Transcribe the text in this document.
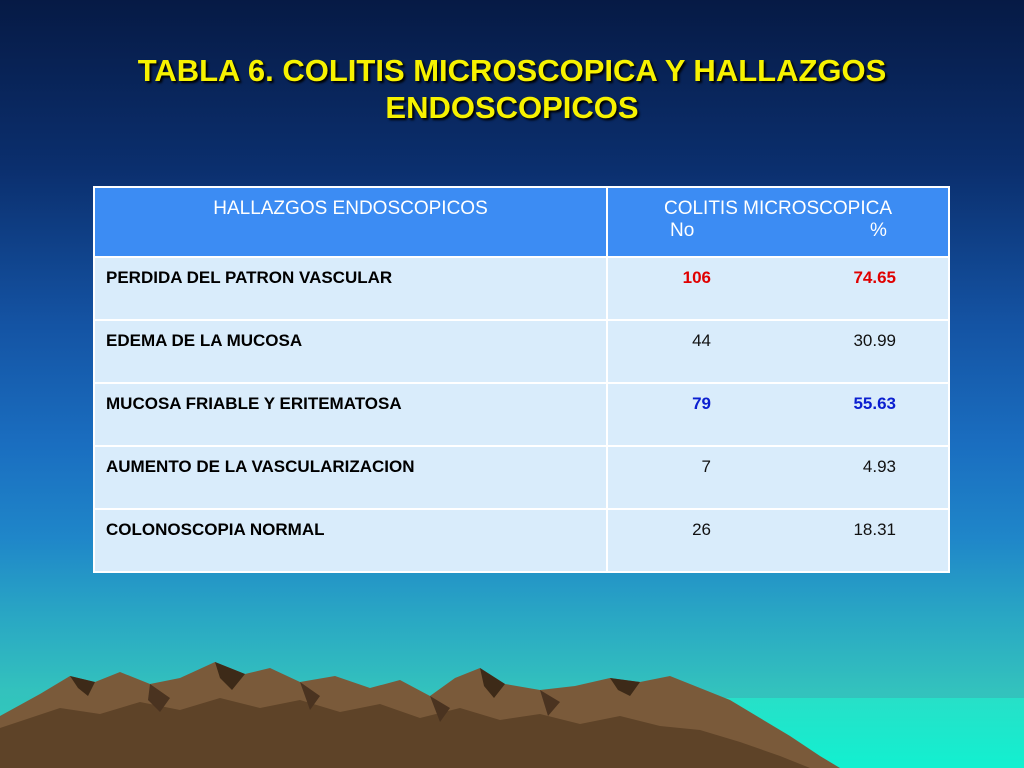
TABLA 6. COLITIS MICROSCOPICA Y HALLAZGOS
ENDOSCOPICOS
HALLAZGOS ENDOSCOPICOS	COLITIS MICROSCOPICA
No %

PERDIDA DEL PATRON VASCULAR	106 74.65

EDEMA DE LA MUCOSA	44 30.99

MUCOSA FRIABLE Y ERITEMATOSA	79 55.63

AUMENTO DE LA VASCULARIZACION	7 4.93

COLONOSCOPIA NORMAL	26 18.31
